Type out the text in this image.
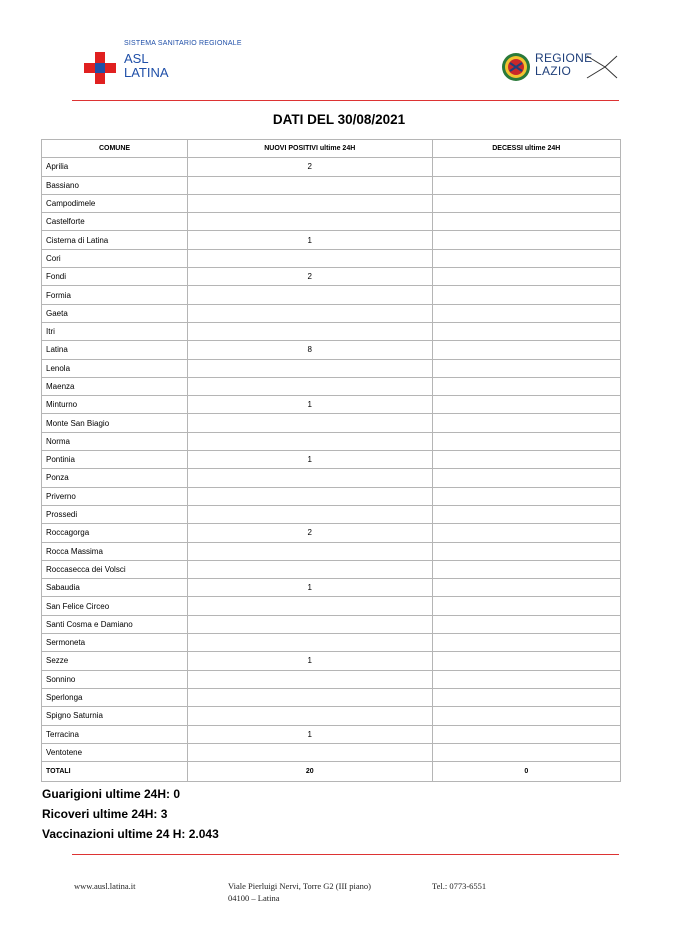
SISTEMA SANITARIO REGIONALE
ASL
LATINA
REGIONE
LAZIO
DATI DEL 30/08/2021
COMUNE	NUOVI POSITIVI ultime 24H	DECESSI ultime 24H
Aprilia	2	
Bassiano		
Campodimele		
Castelforte		
Cisterna di Latina	1	
Cori		
Fondi	2	
Formia		
Gaeta		
Itri		
Latina	8	
Lenola		
Maenza		
Minturno	1	
Monte San Biagio		
Norma		
Pontinia	1	
Ponza		
Priverno		
Prossedi		
Roccagorga	2	
Rocca Massima		
Roccasecca dei Volsci		
Sabaudia	1	
San Felice Circeo		
Santi Cosma e Damiano		
Sermoneta		
Sezze	1	
Sonnino		
Sperlonga		
Spigno Saturnia		
Terracina	1	
Ventotene		
TOTALI	20	0
Guarigioni ultime 24H: 0
Ricoveri ultime 24H: 3
Vaccinazioni ultime 24 H: 2.043
www.ausl.latina.it	Viale Pierluigi Nervi, Torre G2 (III piano)
04100 – Latina
Tel.: 0773-6551
